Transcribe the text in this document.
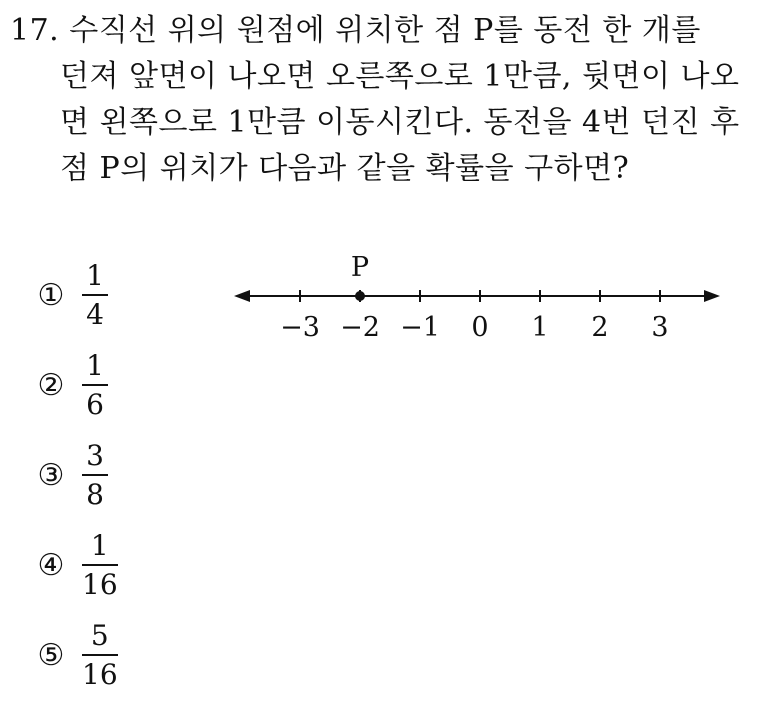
17. 수직선 위의 원점에 위치한 점 P를 동전 한 개를
던져 앞면이 나오면 오른쪽으로 1만큼, 뒷면이 나오
면 왼쪽으로 1만큼 이동시킨다. 동전을 4번 던진 후
점 P의 위치가 다음과 같을 확률을 구하면?
① $\frac{1}{4}$
② $\frac{1}{6}$
③ $\frac{3}{8}$
④ $\frac{1}{16}$
⑤ $\frac{5}{16}$
−3 −2 −1 0 1 2 3
P
